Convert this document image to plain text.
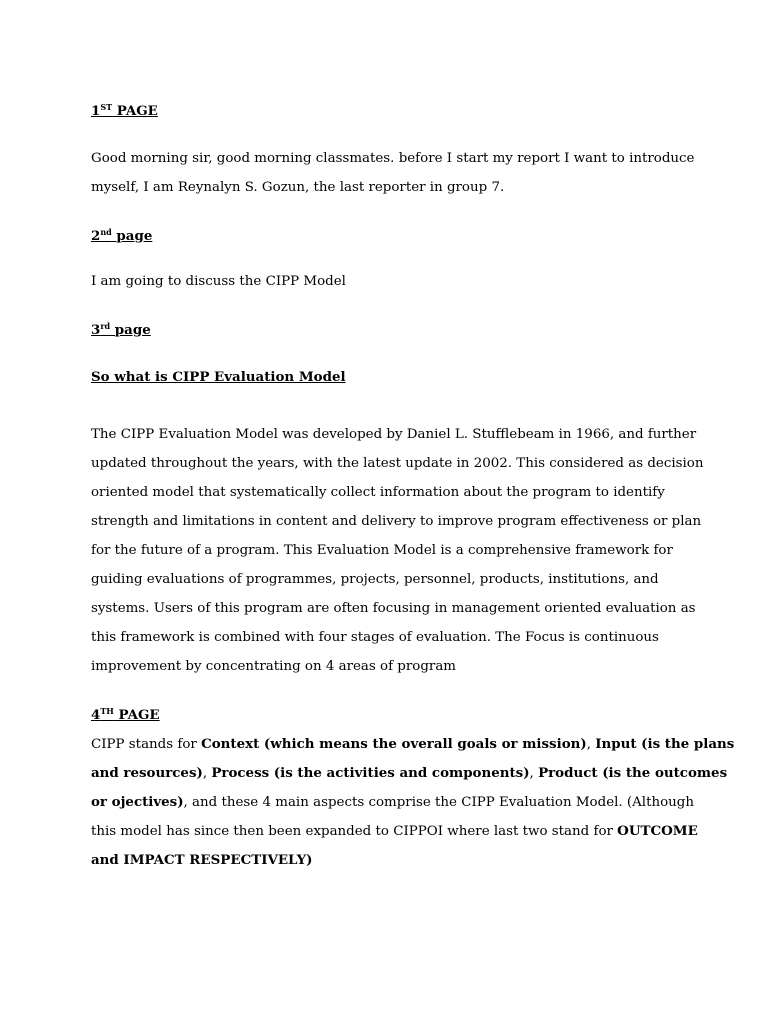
1ST PAGE

Good morning sir, good morning classmates. before I start my report I want to introduce

myself, I am Reynalyn S. Gozun, the last reporter in group 7.

2nd page

I am going to discuss the CIPP Model

3rd page

So what is CIPP Evaluation Model

The CIPP Evaluation Model was developed by Daniel L. Stufflebeam in 1966, and further

updated throughout the years, with the latest update in 2002. This considered as decision

oriented model that systematically collect information about the program to identify

strength and limitations in content and delivery to improve program effectiveness or plan

for the future of a program. This Evaluation Model is a comprehensive framework for

guiding evaluations of programmes, projects, personnel, products, institutions, and

systems. Users of this program are often focusing in management oriented evaluation as

this framework is combined with four stages of evaluation. The Focus is continuous

improvement by concentrating on 4 areas of program

4TH PAGE

CIPP stands for Context (which means the overall goals or mission), Input (is the plans

and resources), Process (is the activities and components), Product (is the outcomes

or ojectives), and these 4 main aspects comprise the CIPP Evaluation Model. (Although

this model has since then been expanded to CIPPOI where last two stand for OUTCOME

and IMPACT RESPECTIVELY)
